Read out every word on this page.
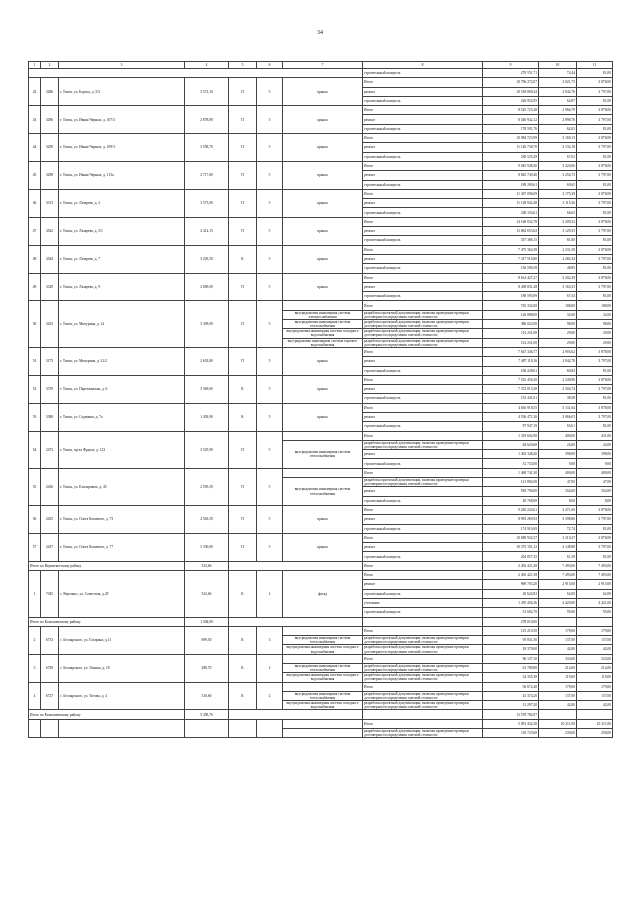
34
1	2	3	4	5	6	7	8	9	10	11
							строительный контроль	279 551,71	74,44	81,00
42	3286	г. Томск, ул. Бориса, д. 5/2	3 572,10	П	5	крыша	Итого	10 796 272,07	3 021,75	3 878,00
							ремонт	10 518 800,34	2 942,76	3 797,00
							строительный контроль	226 952,95	62,87	81,00
43	3296	г. Томск, ул. Ивана Черных, д. 107/3	2 878,80	П	5	крыша	Итого	8 525 723,28	2 966,79	3 878,00
							ремонт	8 346 942,12	2 898,76	3 797,00
							строительный контроль	178 591,76	62,03	81,00
44	3299	г. Томск, ул. Ивана Черных, д. 109/3	3 558,70	П	5	крыша	Итого	10 984 723,99	3 169,13	3 878,00
							ремонт	11 146 738,70	3 132,10	3 797,00
							строительный контроль	238 525,29	67,03	81,00
45	3298	г. Томск, ул. Ивана Черных, д. 113а	2 717,80	П	5	крыша	Итого	9 045 948,30	3 324,06	3 878,00
							ремонт	8 845 749,46	3 254,75	3 797,00
							строительный контроль	189 290,61	69,65	81,00
46	3313	г. Томск, ул. Лазарева, д. 2	3 573,00	П	5	крыша	Итого	11 367 096,09	3 175,39	3 878,00
							ремонт	11 128 942,48	3 115,36	3 797,00
							строительный контроль	238 154,61	66,65	81,00
47	4542	г. Томск, ул. Лазарева, д. 5/1	4 412,15	П	5	крыша	Итого	14 160 032,78	3 209,32	3 878,00
							ремонт	13 862 653,62	3 129,35	3 797,00
							строительный контроль	357 386,15	81,00	81,00
48	4544	г. Томск, ул. Лазарева, д. 7	3 203,50	К	5	крыша	Итого	7 475 362,58	2 331,59	3 878,00
							ремонт	7 317 516,80	2 282,34	3 797,00
							строительный контроль	156 596,58	48,85	81,00
49	3329	г. Томск, ул. Лазарева, д. 9	2 690,00	П	5	крыша	Итого	8 614 427,27	3 202,39	3 878,00
							ремонт	8 438 831,28	3 163,53	3 797,00
							строительный контроль	180 595,99	67,54	81,00
50	3433	г. Томск, ул. Мичурина, д. 14	3 309,00	П	5		Итого	745 332,00	188,00	188,00
						внутридомовая инженерная система электроснабжения	разработка проектной документации, включая проведение проверки достоверности определения сметной стоимости	126 088,00	32,00	32,00
						внутридомовая инженерная система теплоснабжения	разработка проектной документации, включая проведение проверки достоверности определения сметной стоимости	386 022,00	98,00	98,00
						внутридомовая инженерная система холодного водоснабжения	разработка проектной документации, включая проведение проверки достоверности определения сметной стоимости	114 231,00	29,00	29,00
						внутридомовая инженерная система горячего водоснабжения	разработка проектной документации, включая проведение проверки достоверности определения сметной стоимости	114 231,00	29,00	29,00
51	3175	г. Томск, ул. Мичурина, д. 21/2	2 633,80	П	5	крыша	Итого	7 647 346,77	2 903,62	3 878,00
							ремонт	7 487 118,16	2 842,78	3 797,00
							строительный контроль	160 228,61	60,84	81,00
52	3378	г. Томск, ул. Партизанская, д. 6	3 369,60	К	5	крыша	Итого	7 525 456,30	2 349,90	3 878,00
							ремонт	7 372 015,30	2 304,74	3 797,00
							строительный контроль	153 441,01	38,58	81,00
53	3388	г. Томск, ул. Суденина, д. 7а	1 492,90	К	5	крыша	Итого	4 636 918,55	3 131,64	3 878,00
							ремонт	4 536 471,36	3 066,03	3 797,00
							строительный контроль	97 947,19	65,61	81,00
54	2473	г. Томск, пр-кт Фрунзе, д. 123	3 525,90	П	5		Итого	1 319 602,90	400,00	431,00
						внутридомовая инженерная система теплоснабжения	разработка проектной документации, включая проведение проверки достоверности определения сметной стоимости	84 620,60	24,00	24,00
							ремонт	1 403 348,20	398,00	398,00
							строительный контроль	31 733,00	9,00	9,00
55	2436	г. Томск, ул. Елизаровых, д. 45	2 595,50	П	5		Итого	1 469 741,30	409,00	409,00
						внутридомовая инженерная система теплоснабжения	разработка проектной документации, включая проведение проверки достоверности определения сметной стоимости	121 894,50	47,00	47,00
							ремонт	918 790,00	354,00	354,00
							строительный контроль	20 768,00	8,00	8,00
56	2455	г. Томск, ул. Олега Кошевого, д. 73	2 563,50	П	5	крыша	Итого	9 265 224,61	3 471,60	3 878,00
							ремонт	8 993 269,92	3 398,86	3 797,00
							строительный контроль	174 910,69	72,74	81,00
57	2437	г. Томск, ул. Олега Кошевого, д. 77	3 330,00	П	5	крыша	Итого	10 689 932,37	3 210,27	3 878,00
							ремонт	10 375 101,12	3 148,88	3 797,00
							строительный контроль	204 857,25	61,39	81,00
Итого по Верхнекетскому району			332,66				Итого	2 492 421,38	7 493,00	7 493,00
1	7345	с. Вертикос, ул. Советская, д.29	332,66	К	2	фасад	Итого	2 492 421,38	7 493,00	7 493,00
							ремонт	969 703,20	2 915,00	2 915,00
							строительный контроль	20 624,92	62,00	62,00
							утепление	1 470 456,36	4 420,00	4 421,00
							строительный контроль	31 602,70	95,00	95,00
Итого по Колпашевскому району			1 304,00					278 010,00		
2	6733	с. Белоярского, ул. Гагарина, д.11	699,50	К	3		Итого	125 210,50	179,00	179,00
						внутридомовая инженерная система теплоснабжения	разработка проектной документации, включая проведение проверки достоверности определения сметной стоимости	95 831,50	137,00	137,00
						внутридомовая инженерная система холодного водоснабжения	разработка проектной документации, включая проведение проверки достоверности определения сметной стоимости	29 379,00	42,00	42,00
3	6749	с. Белоярского, ул. Ленина, д. 18	288,70	К	2		Итого	96 137,10	333,00	333,00
						внутридомовая инженерная система теплоснабжения	разработка проектной документации, включая проведение проверки достоверности определения сметной стоимости	61 780,80	214,00	214,00
						внутридомовая инженерная система холодного водоснабжения	разработка проектной документации, включая проведение проверки достоверности определения сметной стоимости	34 355,30	119,00	119,00
4	6727	с. Белоярского, ул. Титова, д. 4	316,60	К	2		Итого	56 672,40	179,00	179,00
						внутридомовая инженерная система теплоснабжения	разработка проектной документации, включая проведение проверки достоверности определения сметной стоимости	43 374,20	137,00	137,00
						внутридомовая инженерная система холодного водоснабжения	разработка проектной документации, включая проведение проверки достоверности определения сметной стоимости	13 297,20	42,00	42,00
Итого по Колпашевскому району			5 458,76					13 578 782,97		
							Итого	5 091 432,30	10 311,00	10 311,00
							разработка проектной документации, включая проведение проверки достоверности определения сметной стоимости	118 725,60	239,00	258,00
